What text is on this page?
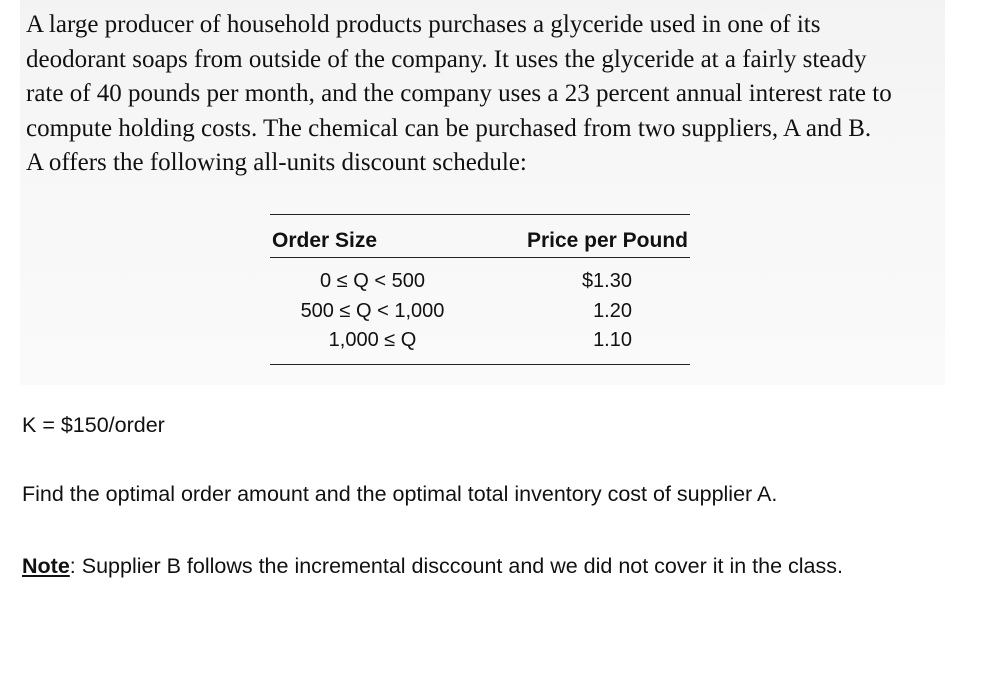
A large producer of household products purchases a glyceride used in one of its
deodorant soaps from outside of the company. It uses the glyceride at a fairly steady
rate of 40 pounds per month, and the company uses a 23 percent annual interest rate to
compute holding costs. The chemical can be purchased from two suppliers, A and B.
A offers the following all-units discount schedule:

Order Size	Price per Pound
0 ≤ Q < 500	$1.30
500 ≤ Q < 1,000	1.20
1,000 ≤ Q	1.10

K = $150/order

Find the optimal order amount and the optimal total inventory cost of supplier A.

Note: Supplier B follows the incremental disccount and we did not cover it in the class.
